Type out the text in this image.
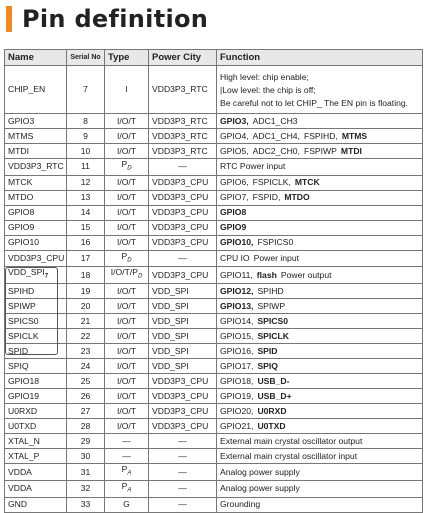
Pin definition
Name	Serial No	Type	Power City	Function
CHIP_EN	7	I	VDD3P3_RTC	High level: chip enable;
|Low level: the chip is off;
Be careful not to let CHIP_ The EN pin is floating.

GPIO3	8	I/O/T	VDD3P3_RTC	GPIO3, ADC1_CH3
MTMS	9	I/O/T	VDD3P3_RTC	GPIO4, ADC1_CH4, FSPIHD, MTMS
MTDI	10	I/O/T	VDD3P3_RTC	GPIO5, ADC2_CH0, FSPIWP MTDI
VDD3P3_RTC	11	$P_D$	—	RTC Power input
MTCK	12	I/O/T	VDD3P3_CPU	GPIO6, FSPICLK, MTCK
MTDO	13	I/O/T	VDD3P3_CPU	GPIO7, FSPID, MTDO
GPIO8	14	I/O/T	VDD3P3_CPU	GPIO8
GPIO9	15	I/O/T	VDD3P3_CPU	GPIO9
GPIO10	16	I/O/T	VDD3P3_CPU	GPIO10, FSPICS0
VDD3P3_CPU	17	$P_D$	—	CPU IO Power input
$VDD\_SPI_7$	18	$I/O/T/P_D$	VDD3P3_CPU	GPIO11, flash Power output
SPIHD	19	I/O/T	VDD_SPI	GPIO12, SPIHD
SPIWP	20	I/O/T	VDD_SPI	GPIO13, SPIWP
SPICS0	21	I/O/T	VDD_SPI	GPIO14, SPICS0
SPICLK	22	I/O/T	VDD_SPI	GPIO15, SPICLK
SPID	23	I/O/T	VDD_SPI	GPIO16, SPID
SPIQ	24	I/O/T	VDD_SPI	GPIO17, SPIQ
GPIO18	25	I/O/T	VDD3P3_CPU	GPIO18, USB_D-
GPIO19	26	I/O/T	VDD3P3_CPU	GPIO19, USB_D+
U0RXD	27	I/O/T	VDD3P3_CPU	GPIO20, U0RXD
U0TXD	28	I/O/T	VDD3P3_CPU	GPIO21, U0TXD
XTAL_N	29	—	—	External main crystal oscillator output
XTAL_P	30	—	—	External main crystal oscillator input
VDDA	31	$P_A$	—	Analog power supply
VDDA	32	$P_A$	—	Analog power supply
GND	33	G	—	Grounding
